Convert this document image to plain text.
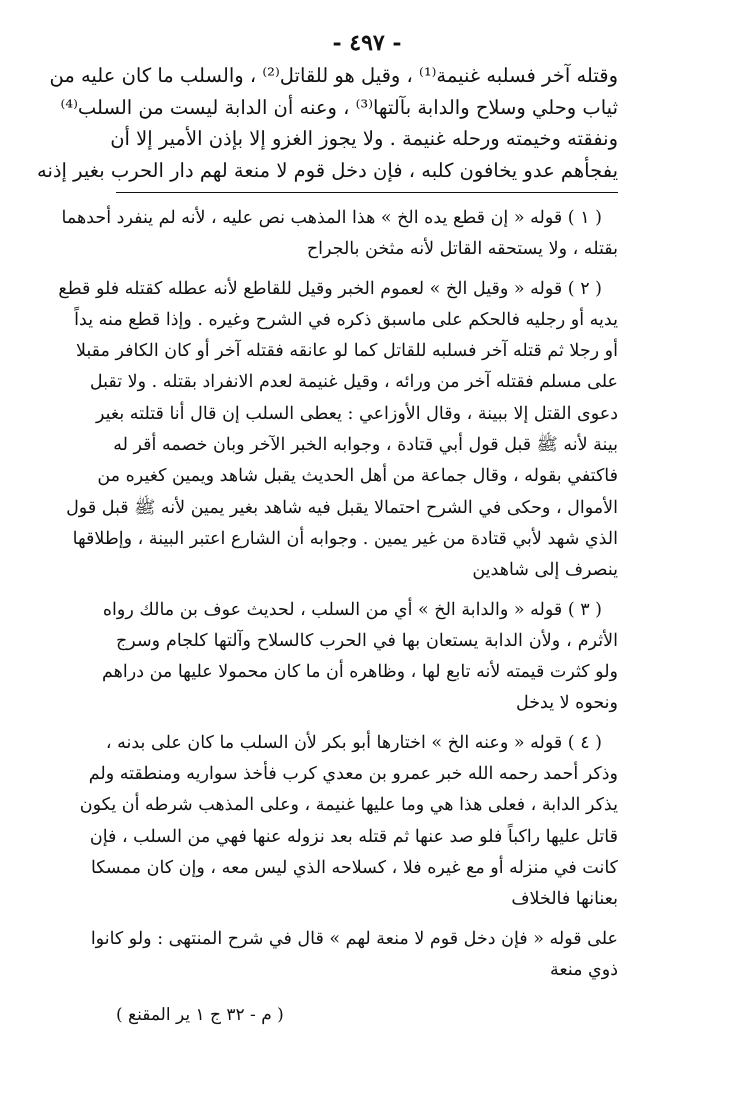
- ٤٩٧ -
وقتله آخر فسلبه غنيمة⁽¹⁾ ، وقيل هو للقاتل⁽²⁾ ، والسلب ما كان عليه من
ثياب وحلي وسلاح والدابة بآلتها⁽³⁾ ، وعنه أن الدابة ليست من السلب⁽⁴⁾
ونفقته وخيمته ورحله غنيمة . ولا يجوز الغزو إلا بإذن الأمير إلا أن
يفجأهم عدو يخافون كلبه ، فإن دخل قوم لا منعة لهم دار الحرب بغير إذنه
( ١ ) قوله « إن قطع يده الخ » هذا المذهب نص عليه ، لأنه لم ينفرد أحدهما
بقتله ، ولا يستحقه القاتل لأنه مثخن بالجراح
( ٢ ) قوله « وقيل الخ » لعموم الخبر وقيل للقاطع لأنه عطله كقتله فلو قطع
يديه أو رجليه فالحكم على ماسبق ذكره في الشرح وغيره . وإذا قطع منه يداً
أو رجلا ثم قتله آخر فسلبه للقاتل كما لو عانقه فقتله آخر أو كان الكافر مقبلا
على مسلم فقتله آخر من ورائه ، وقيل غنيمة لعدم الانفراد بقتله . ولا تقبل
دعوى القتل إلا ببينة ، وقال الأوزاعي : يعطى السلب إن قال أنا قتلته بغير
بينة لأنه ﷺ قبل قول أبي قتادة ، وجوابه الخبر الآخر وبان خصمه أقر له
فاكتفي بقوله ، وقال جماعة من أهل الحديث يقبل شاهد ويمين كغيره من
الأموال ، وحكى في الشرح احتمالا يقبل فيه شاهد بغير يمين لأنه ﷺ قبل قول
الذي شهد لأبي قتادة من غير يمين . وجوابه أن الشارع اعتبر البينة ، وإطلاقها
ينصرف إلى شاهدين
( ٣ ) قوله « والدابة الخ » أي من السلب ، لحديث عوف بن مالك رواه
الأثرم ، ولأن الدابة يستعان بها في الحرب كالسلاح وآلتها كلجام وسرج
ولو كثرت قيمته لأنه تابع لها ، وظاهره أن ما كان محمولا عليها من دراهم
ونحوه لا يدخل
( ٤ ) قوله « وعنه الخ » اختارها أبو بكر لأن السلب ما كان على بدنه ،
وذكر أحمد رحمه الله خبر عمرو بن معدي كرب فأخذ سواريه ومنطقته ولم
يذكر الدابة ، فعلى هذا هي وما عليها غنيمة ، وعلى المذهب شرطه أن يكون
قاتل عليها راكباً فلو صد عنها ثم قتله بعد نزوله عنها فهي من السلب ، فإن
كانت في منزله أو مع غيره فلا ، كسلاحه الذي ليس معه ، وإن كان ممسكا
بعنانها فالخلاف
على قوله « فإن دخل قوم لا منعة لهم » قال في شرح المنتهى : ولو كانوا
ذوي منعة
( م - ٣٢ ج ١ ير المقنع )
